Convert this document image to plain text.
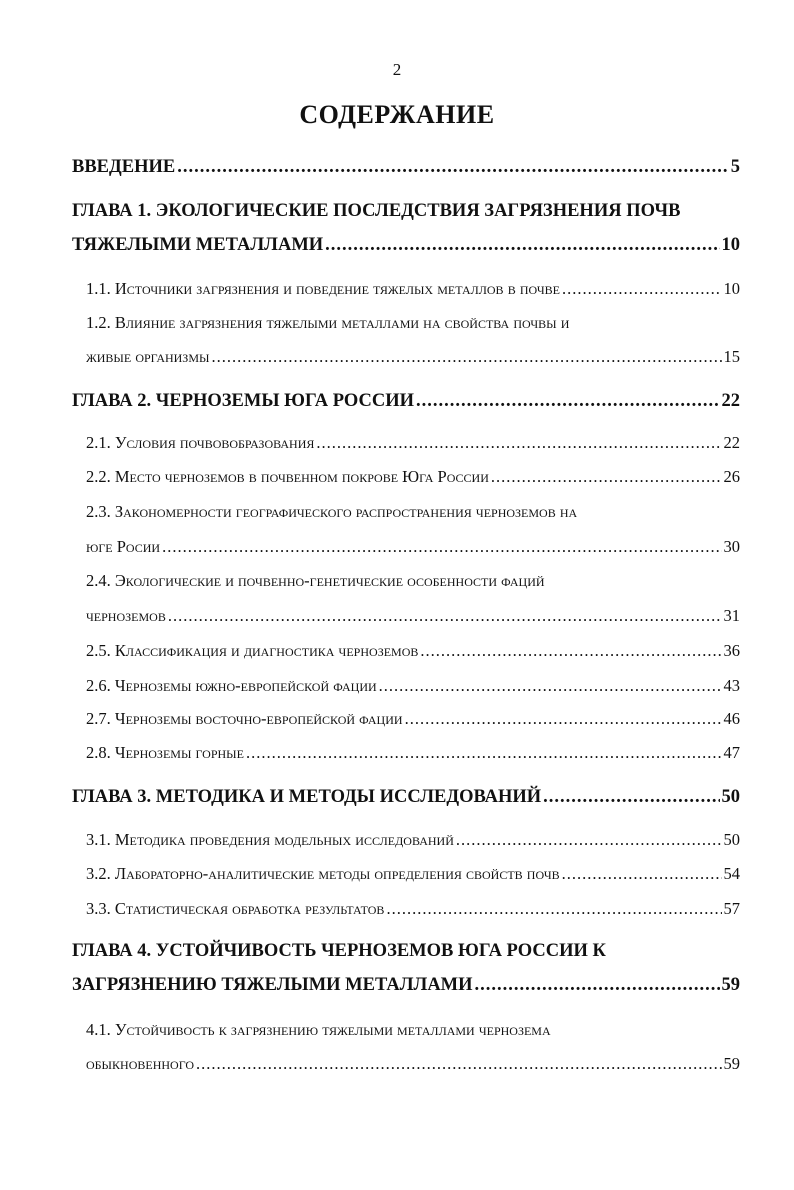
2
СОДЕРЖАНИЕ
ВВЕДЕНИЕ .....	5
ГЛАВА 1. ЭКОЛОГИЧЕСКИЕ ПОСЛЕДСТВИЯ ЗАГРЯЗНЕНИЯ ПОЧВ
ТЯЖЕЛЫМИ МЕТАЛЛАМИ .....	10
1.1. Источники загрязнения и поведение тяжелых металлов в почве .....	10
1.2. Влияние загрязнения тяжелыми металлами на свойства почвы и
живые организмы .....	15
ГЛАВА 2. ЧЕРНОЗЕМЫ ЮГА РОССИИ .....	22
2.1. Условия почвовобразования .....	22
2.2. Место черноземов в почвенном покрове Юга России .....	26
2.3. Закономерности географического распространения черноземов на
юге Росии .....	30
2.4. Экологические и почвенно-генетические особенности фаций
черноземов .....	31
2.5. Классификация и диагностика черноземов .....	36
2.6. Черноземы южно-европейской фации .....	43
2.7. Черноземы восточно-европейской фации .....	46
2.8. Черноземы горные .....	47
ГЛАВА 3. МЕТОДИКА И МЕТОДЫ ИССЛЕДОВАНИЙ .....	50
3.1. Методика проведения модельных исследований .....	50
3.2. Лабораторно-аналитические методы определения свойств почв .....	54
3.3. Статистическая обработка результатов .....	57
ГЛАВА 4. УСТОЙЧИВОСТЬ ЧЕРНОЗЕМОВ ЮГА РОССИИ К
ЗАГРЯЗНЕНИЮ ТЯЖЕЛЫМИ МЕТАЛЛАМИ .....	59
4.1. Устойчивость к загрязнению тяжелыми металлами чернозема
обыкновенного .....	59
